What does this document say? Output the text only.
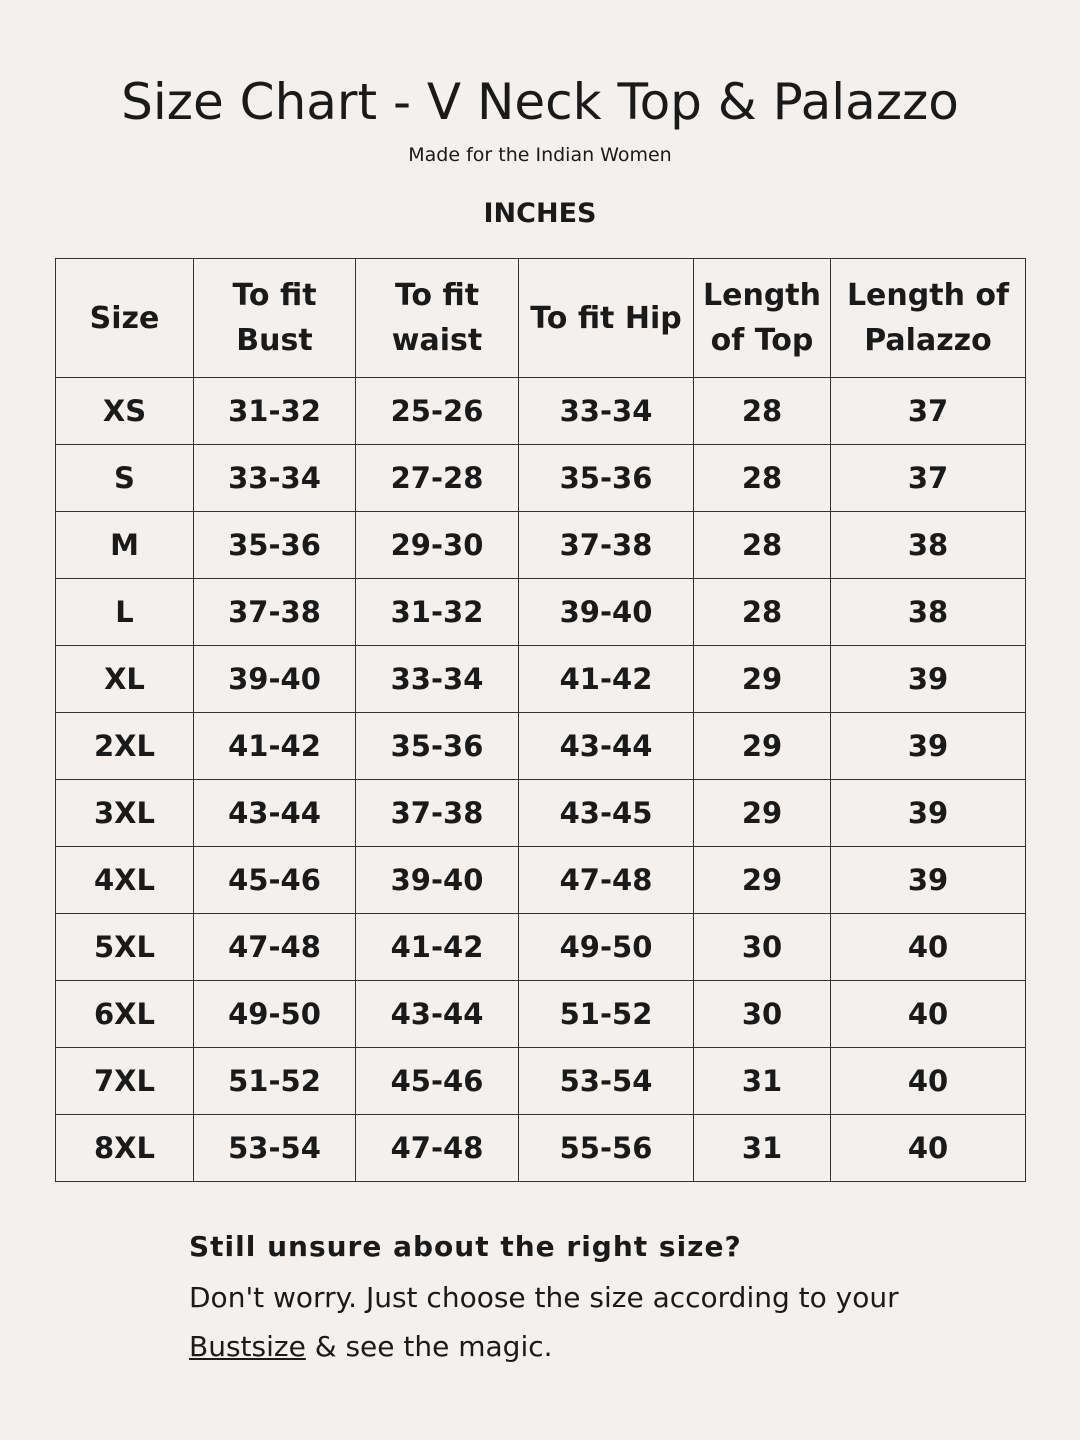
Size Chart - V Neck Top & Palazzo

Made for the Indian Women

INCHES

Size	To fit Bust	To fit waist	To fit Hip	Length of Top	Length of Palazzo
XS	31-32	25-26	33-34	28	37
S	33-34	27-28	35-36	28	37
M	35-36	29-30	37-38	28	38
L	37-38	31-32	39-40	28	38
XL	39-40	33-34	41-42	29	39
2XL	41-42	35-36	43-44	29	39
3XL	43-44	37-38	43-45	29	39
4XL	45-46	39-40	47-48	29	39
5XL	47-48	41-42	49-50	30	40
6XL	49-50	43-44	51-52	30	40
7XL	51-52	45-46	53-54	31	40
8XL	53-54	47-48	55-56	31	40

Still unsure about the right size?

Don't worry. Just choose the size according to your
Bustsize & see the magic.
